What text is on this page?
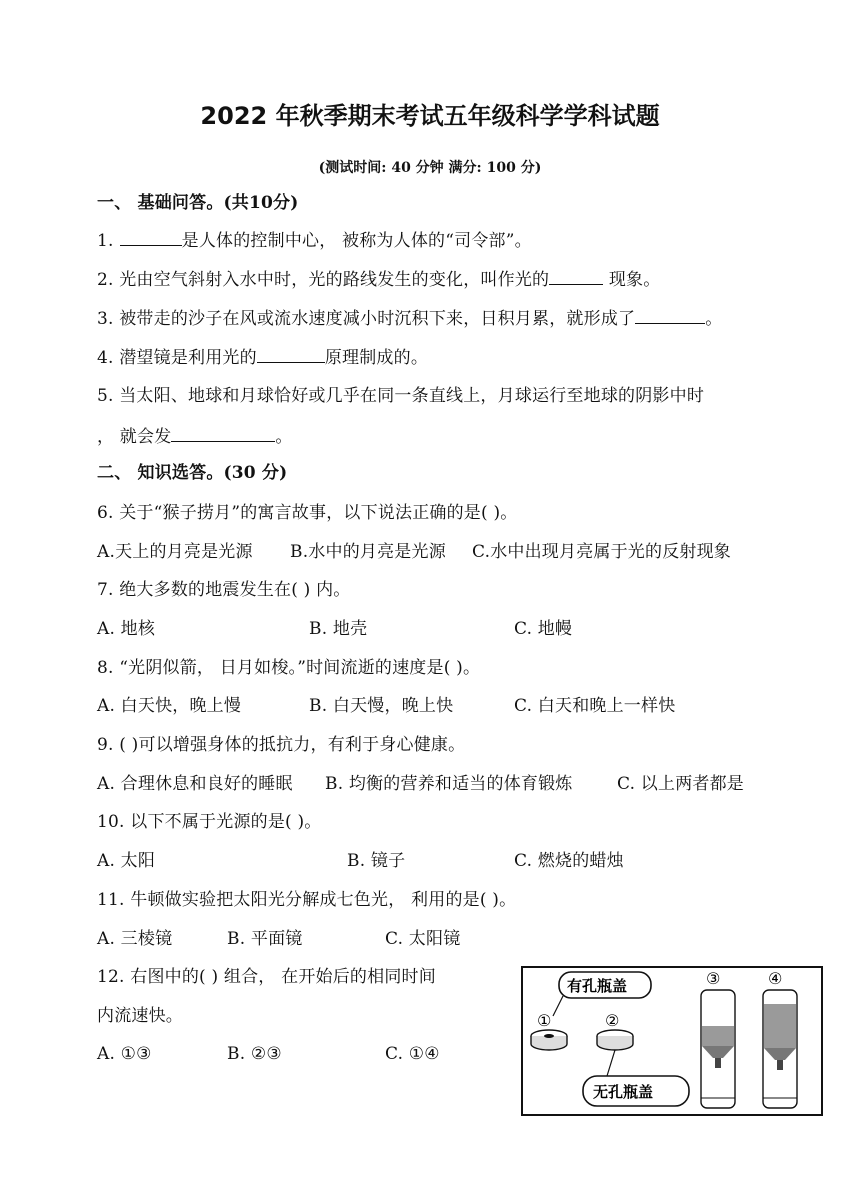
2022 年秋季期末考试五年级科学学科试题
(测试时间: 40 分钟 满分: 100 分)
一、 基础问答。(共10分)
1.	是人体的控制中心， 被称为人体的“司令部”。
2. 光由空气斜射入水中时，光的路线发生的变化，叫作光的	现象。
3. 被带走的沙子在风或流水速度减小时沉积下来，日积月累，就形成了	。
4. 潜望镜是利用光的	原理制成的。
5. 当太阳、地球和月球恰好或几乎在同一条直线上，月球运行至地球的阴影中时
， 就会发	。
二、 知识选答。(30 分)
6. 关于“猴子捞月”的寓言故事，以下说法正确的是( )。
A.天上的月亮是光源 B.水中的月亮是光源 C.水中出现月亮属于光的反射现象
7. 绝大多数的地震发生在( ) 内。
A. 地核	B. 地壳	C. 地幔
8. “光阴似箭， 日月如梭。”时间流逝的速度是( )。
A. 白天快，晚上慢	B. 白天慢，晚上快	C. 白天和晚上一样快
9. ( )可以增强身体的抵抗力，有利于身心健康。
A. 合理休息和良好的睡眠 B. 均衡的营养和适当的体育锻炼	C. 以上两者都是
10. 以下不属于光源的是( )。
A. 太阳	B. 镜子	C. 燃烧的蜡烛
11. 牛顿做实验把太阳光分解成七色光， 利用的是( )。
A. 三棱镜	B. 平面镜	C. 太阳镜
12. 右图中的( ) 组合， 在开始后的相同时间
内流速快。
A. ①③	B. ②③	C. ①④
有孔瓶盖
①	②
③	④
无孔瓶盖
